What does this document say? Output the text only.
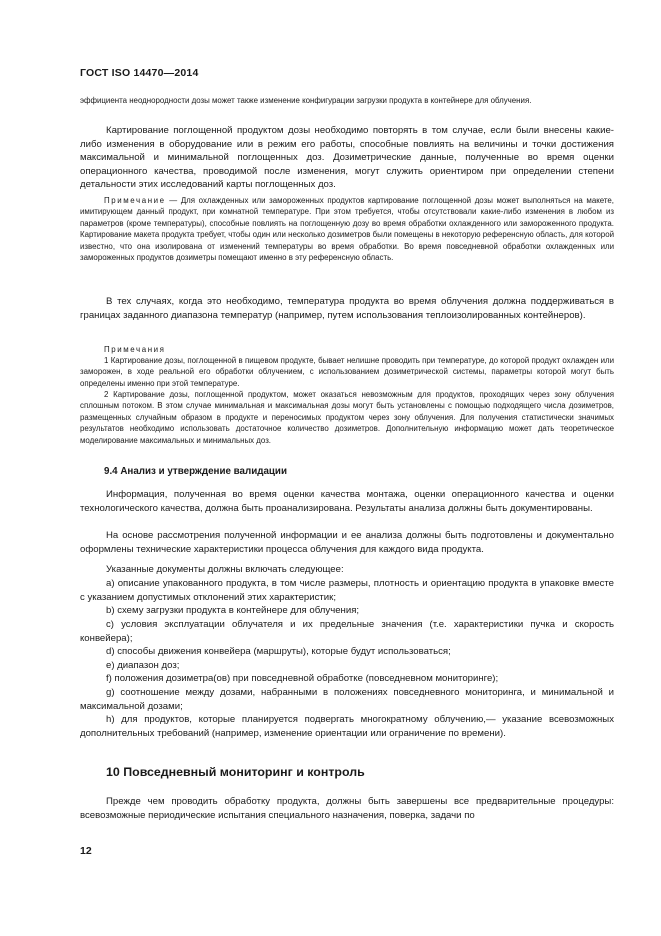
ГОСТ ISO 14470—2014

эффициента неоднородности дозы может также изменение конфигурации загрузки продукта в контейнере для облучения.

Картирование поглощенной продуктом дозы необходимо повторять в том случае, если были внесены какие-либо изменения в оборудование или в режим его работы, способные повлиять на величины и точки достижения максимальной и минимальной поглощенных доз. Дозиметрические данные, полученные во время оценки операционного качества, проводимой после изменения, могут служить ориентиром при определении степени детальности этих исследований карты поглощенных доз.

Примечание — Для охлажденных или замороженных продуктов картирование поглощенной дозы может выполняться на макете, имитирующем данный продукт, при комнатной температуре. При этом требуется, чтобы отсутствовали какие-либо изменения в любом из параметров (кроме температуры), способные повлиять на поглощенную дозу во время обработки охлажденного или замороженного продукта. Картирование макета продукта требует, чтобы один или несколько дозиметров были помещены в некоторую референсную область, для которой известно, что она изолирована от изменений температуры во время обработки. Во время повседневной обработки охлажденных или замороженных продуктов дозиметры помещают именно в эту референсную область.

В тех случаях, когда это необходимо, температура продукта во время облучения должна поддерживаться в границах заданного диапазона температур (например, путем использования теплоизолированных контейнеров).

Примечания

1 Картирование дозы, поглощенной в пищевом продукте, бывает нелишне проводить при температуре, до которой продукт охлажден или заморожен, в ходе реальной его обработки облучением, с использованием дозиметрической системы, параметры которой могут быть определены именно при этой температуре.

2 Картирование дозы, поглощенной продуктом, может оказаться невозможным для продуктов, проходящих через зону облучения сплошным потоком. В этом случае минимальная и максимальная дозы могут быть установлены с помощью подходящего числа дозиметров, размещенных случайным образом в продукте и переносимых продуктом через зону облучения. Для получения статистически значимых результатов необходимо использовать достаточное количество дозиметров. Дополнительную информацию может дать теоретическое моделирование максимальных и минимальных доз.

9.4 Анализ и утверждение валидации

Информация, полученная во время оценки качества монтажа, оценки операционного качества и оценки технологического качества, должна быть проанализирована. Результаты анализа должны быть документированы.

На основе рассмотрения полученной информации и ее анализа должны быть подготовлены и документально оформлены технические характеристики процесса облучения для каждого вида продукта.

Указанные документы должны включать следующее:

a) описание упакованного продукта, в том числе размеры, плотность и ориентацию продукта в упаковке вместе с указанием допустимых отклонений этих характеристик;

b) схему загрузки продукта в контейнере для облучения;

c) условия эксплуатации облучателя и их предельные значения (т.е. характеристики пучка и скорость конвейера);

d) способы движения конвейера (маршруты), которые будут использоваться;

e) диапазон доз;

f) положения дозиметра(ов) при повседневной обработке (повседневном мониторинге);

g) соотношение между дозами, набранными в положениях повседневного мониторинга, и минимальной и максимальной дозами;

h) для продуктов, которые планируется подвергать многократному облучению,— указание всевозможных дополнительных требований (например, изменение ориентации или ограничение по времени).

10 Повседневный мониторинг и контроль

Прежде чем проводить обработку продукта, должны быть завершены все предварительные процедуры: всевозможные периодические испытания специального назначения, поверка, задачи по

12
